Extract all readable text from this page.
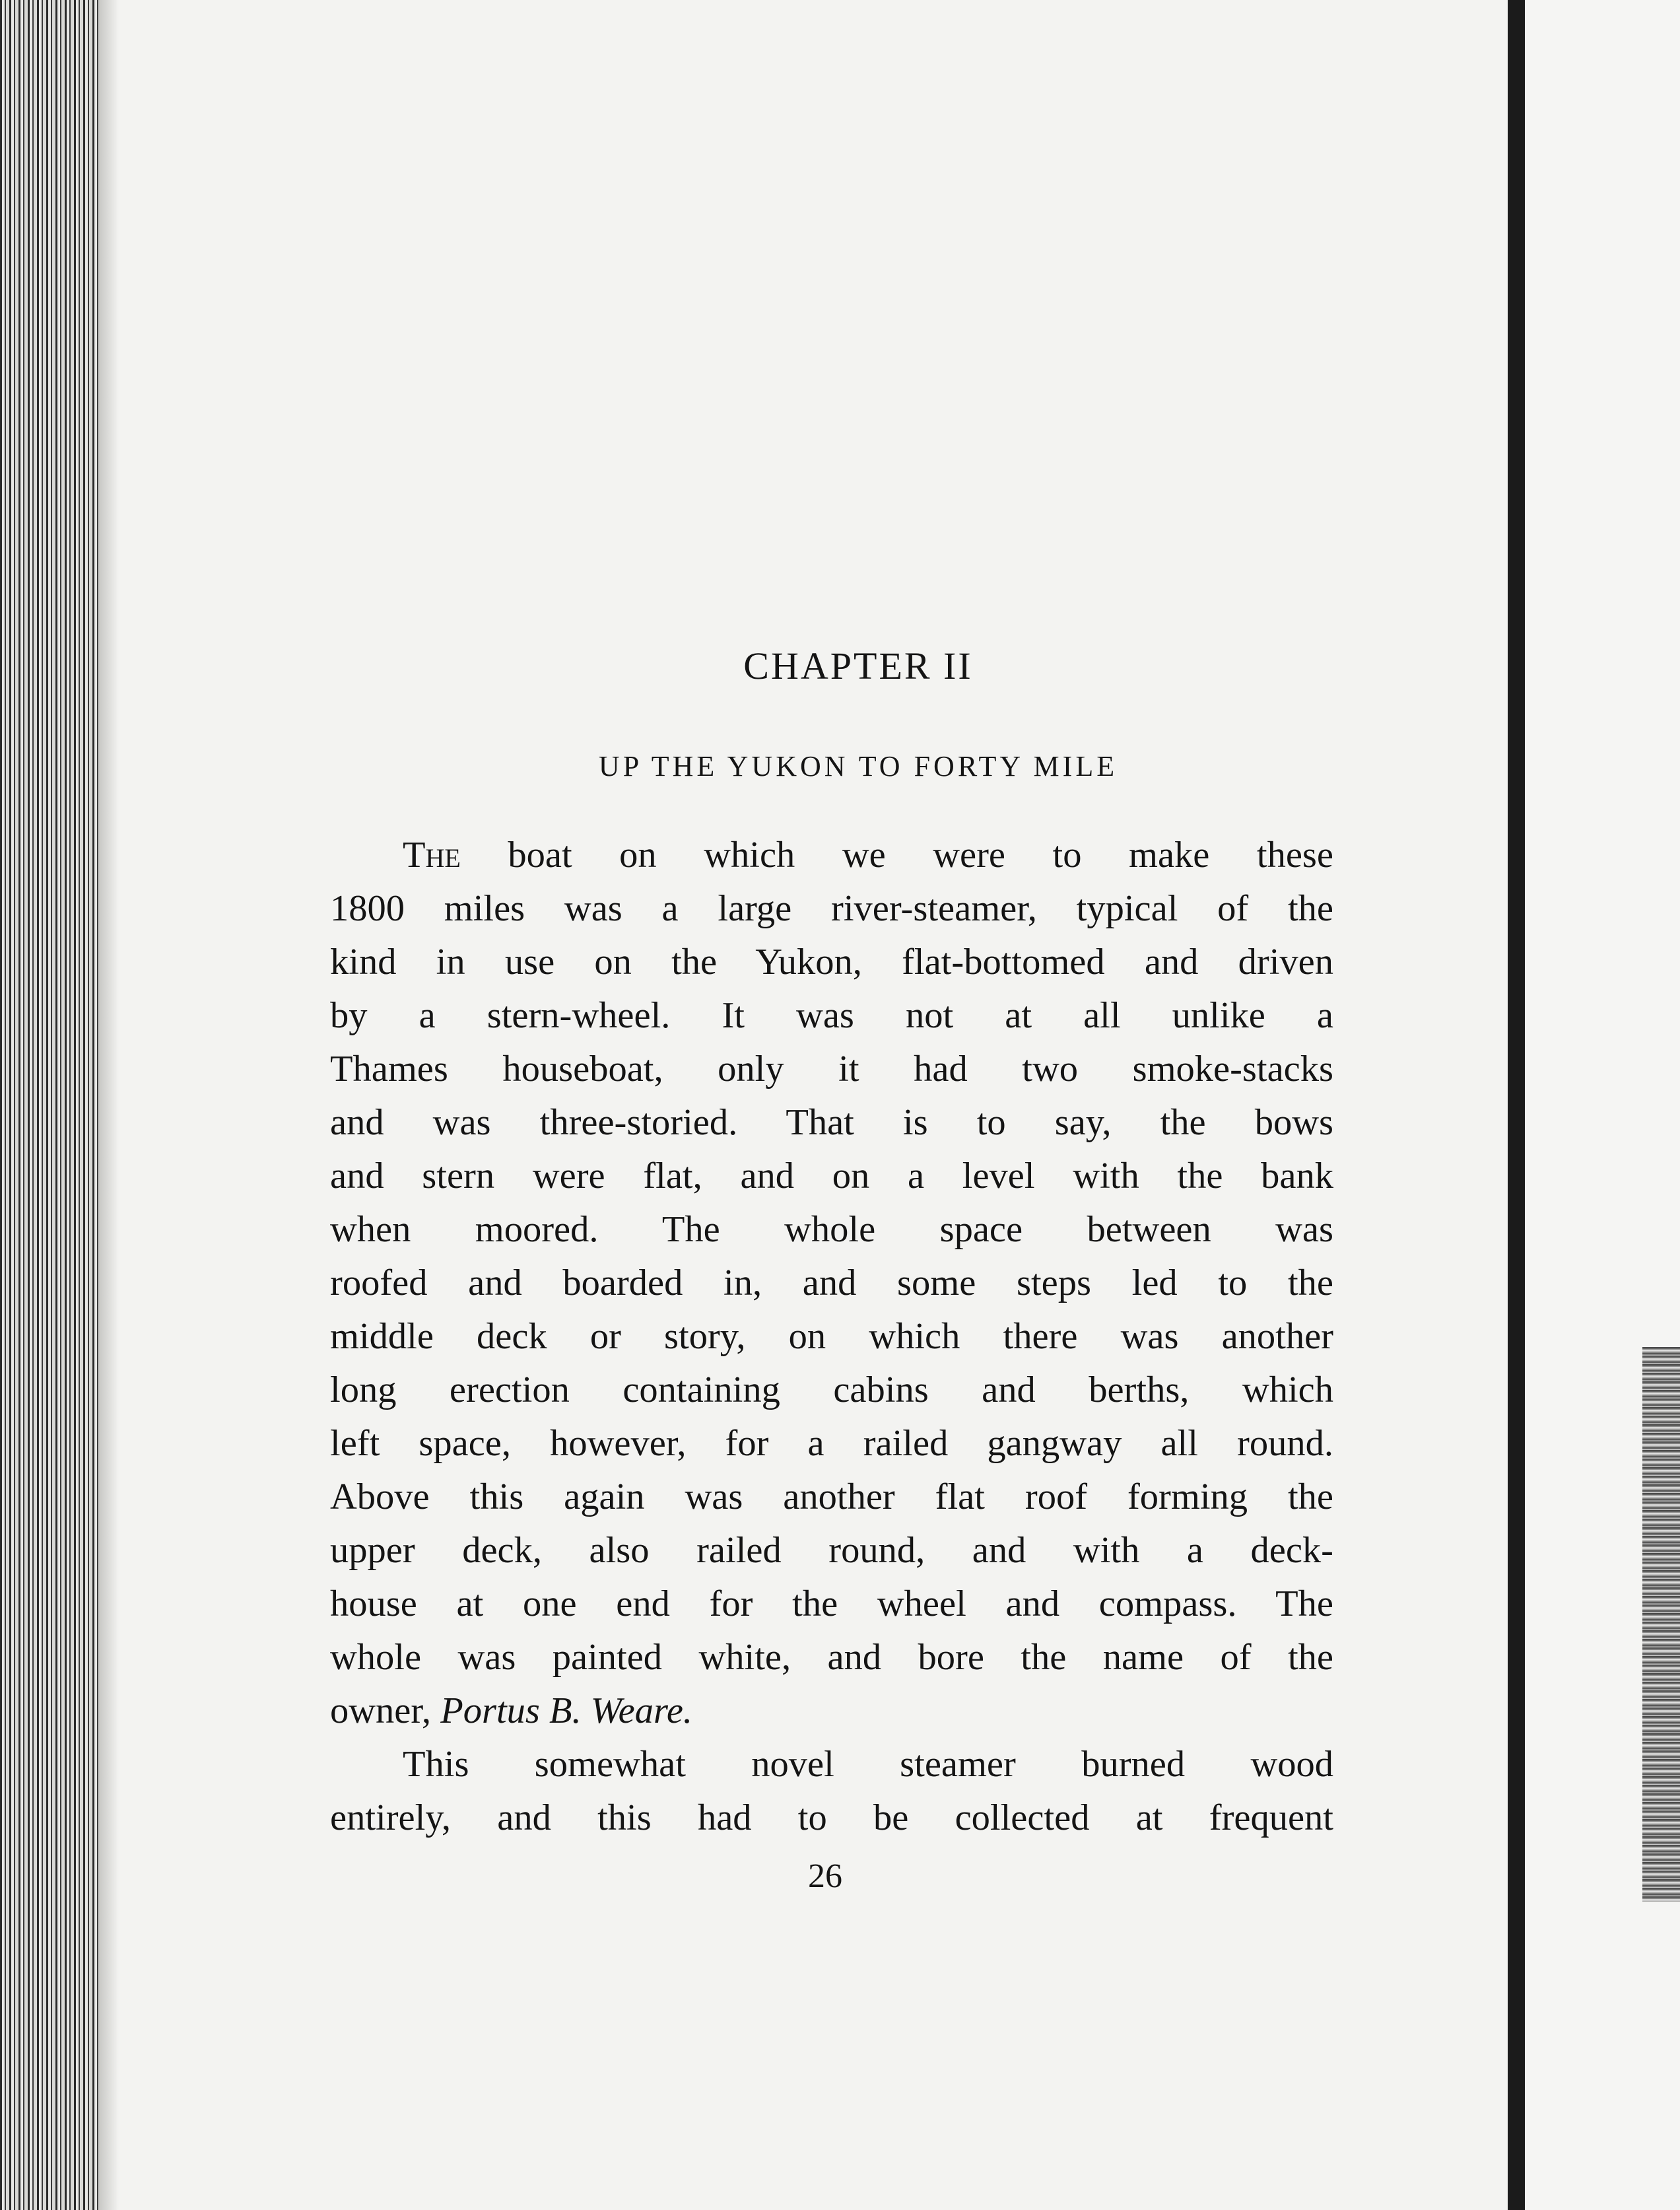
CHAPTER II
UP THE YUKON TO FORTY MILE
The boat on which we were to make these
1800 miles was a large river-steamer, typical of the
kind in use on the Yukon, flat-bottomed and driven
by a stern-wheel. It was not at all unlike a
Thames houseboat, only it had two smoke-stacks
and was three-storied. That is to say, the bows
and stern were flat, and on a level with the bank
when moored. The whole space between was
roofed and boarded in, and some steps led to the
middle deck or story, on which there was another
long erection containing cabins and berths, which
left space, however, for a railed gangway all round.
Above this again was another flat roof forming the
upper deck, also railed round, and with a deck-
house at one end for the wheel and compass. The
whole was painted white, and bore the name of the
owner, Portus B. Weare.
This somewhat novel steamer burned wood
entirely, and this had to be collected at frequent
26
